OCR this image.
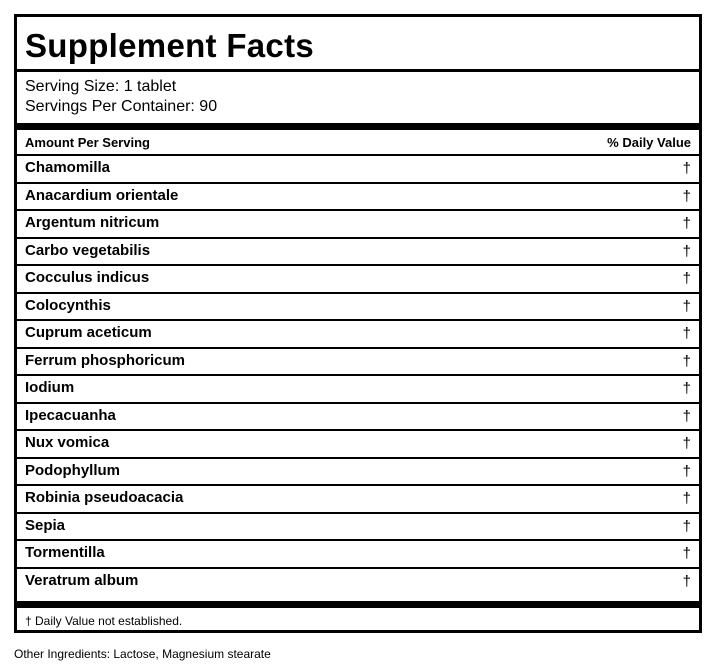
Supplement Facts
Serving Size: 1 tablet
Servings Per Container: 90
Amount Per Serving	% Daily Value
Chamomilla	†
Anacardium orientale	†
Argentum nitricum	†
Carbo vegetabilis	†
Cocculus indicus	†
Colocynthis	†
Cuprum aceticum	†
Ferrum phosphoricum	†
Iodium	†
Ipecacuanha	†
Nux vomica	†
Podophyllum	†
Robinia pseudoacacia	†
Sepia	†
Tormentilla	†
Veratrum album	†
† Daily Value not established.
Other Ingredients: Lactose, Magnesium stearate
